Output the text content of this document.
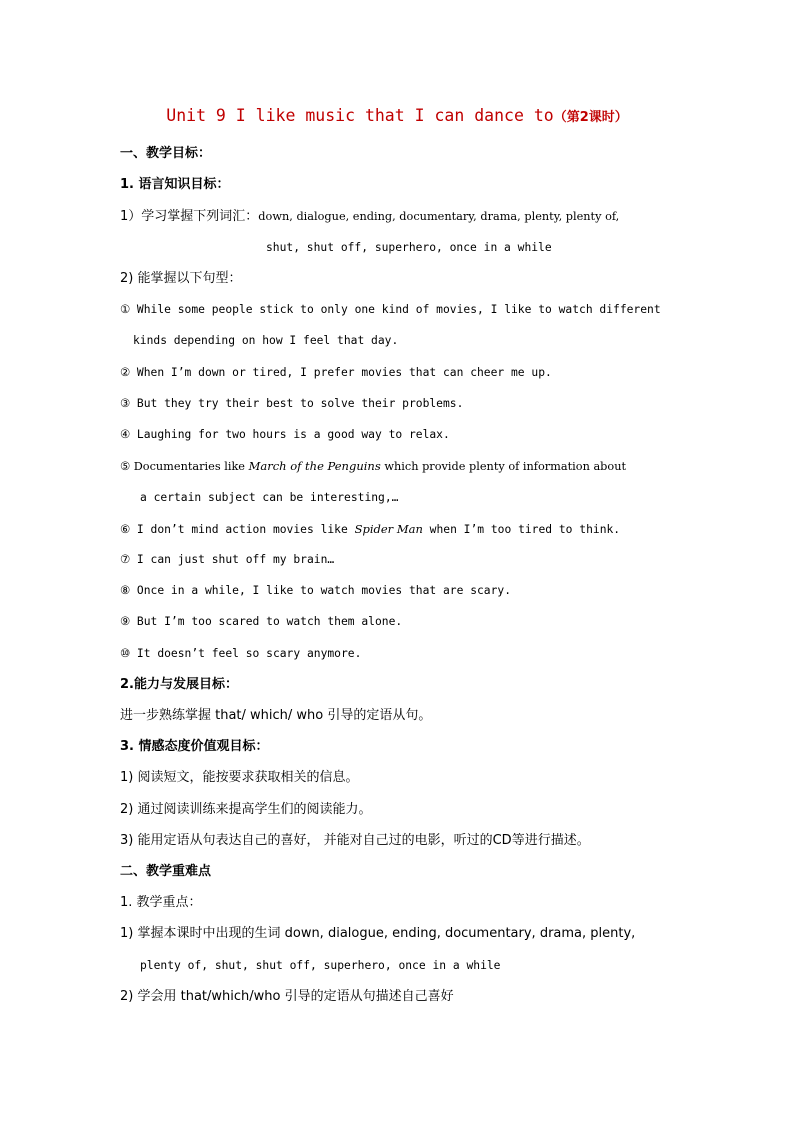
Unit 9 I like music that I can dance to（第2课时）
一、教学目标：
1. 语言知识目标：
1）学习掌握下列词汇：down, dialogue, ending, documentary, drama, plenty, plenty of,
shut, shut off, superhero, once in a while
2) 能掌握以下句型：
① While some people stick to only one kind of movies, I like to watch different
kinds depending on how I feel that day.
② When I’m down or tired, I prefer movies that can cheer me up.
③ But they try their best to solve their problems.
④ Laughing for two hours is a good way to relax.
⑤ Documentaries like March of the Penguins which provide plenty of information about
a certain subject can be interesting,…
⑥ I don’t mind action movies like Spider Man when I’m too tired to think.
⑦ I can just shut off my brain…
⑧ Once in a while, I like to watch movies that are scary.
⑨ But I’m too scared to watch them alone.
⑩ It doesn’t feel so scary anymore.
2.能力与发展目标：
进一步熟练掌握 that/ which/ who 引导的定语从句。
3. 情感态度价值观目标：
1) 阅读短文，能按要求获取相关的信息。
2) 通过阅读训练来提高学生们的阅读能力。
3) 能用定语从句表达自己的喜好， 并能对自己过的电影，听过的CD等进行描述。
二、教学重难点
1. 教学重点：
1) 掌握本课时中出现的生词 down, dialogue, ending, documentary, drama, plenty,
plenty of, shut, shut off, superhero, once in a while
2) 学会用 that/which/who 引导的定语从句描述自己喜好
